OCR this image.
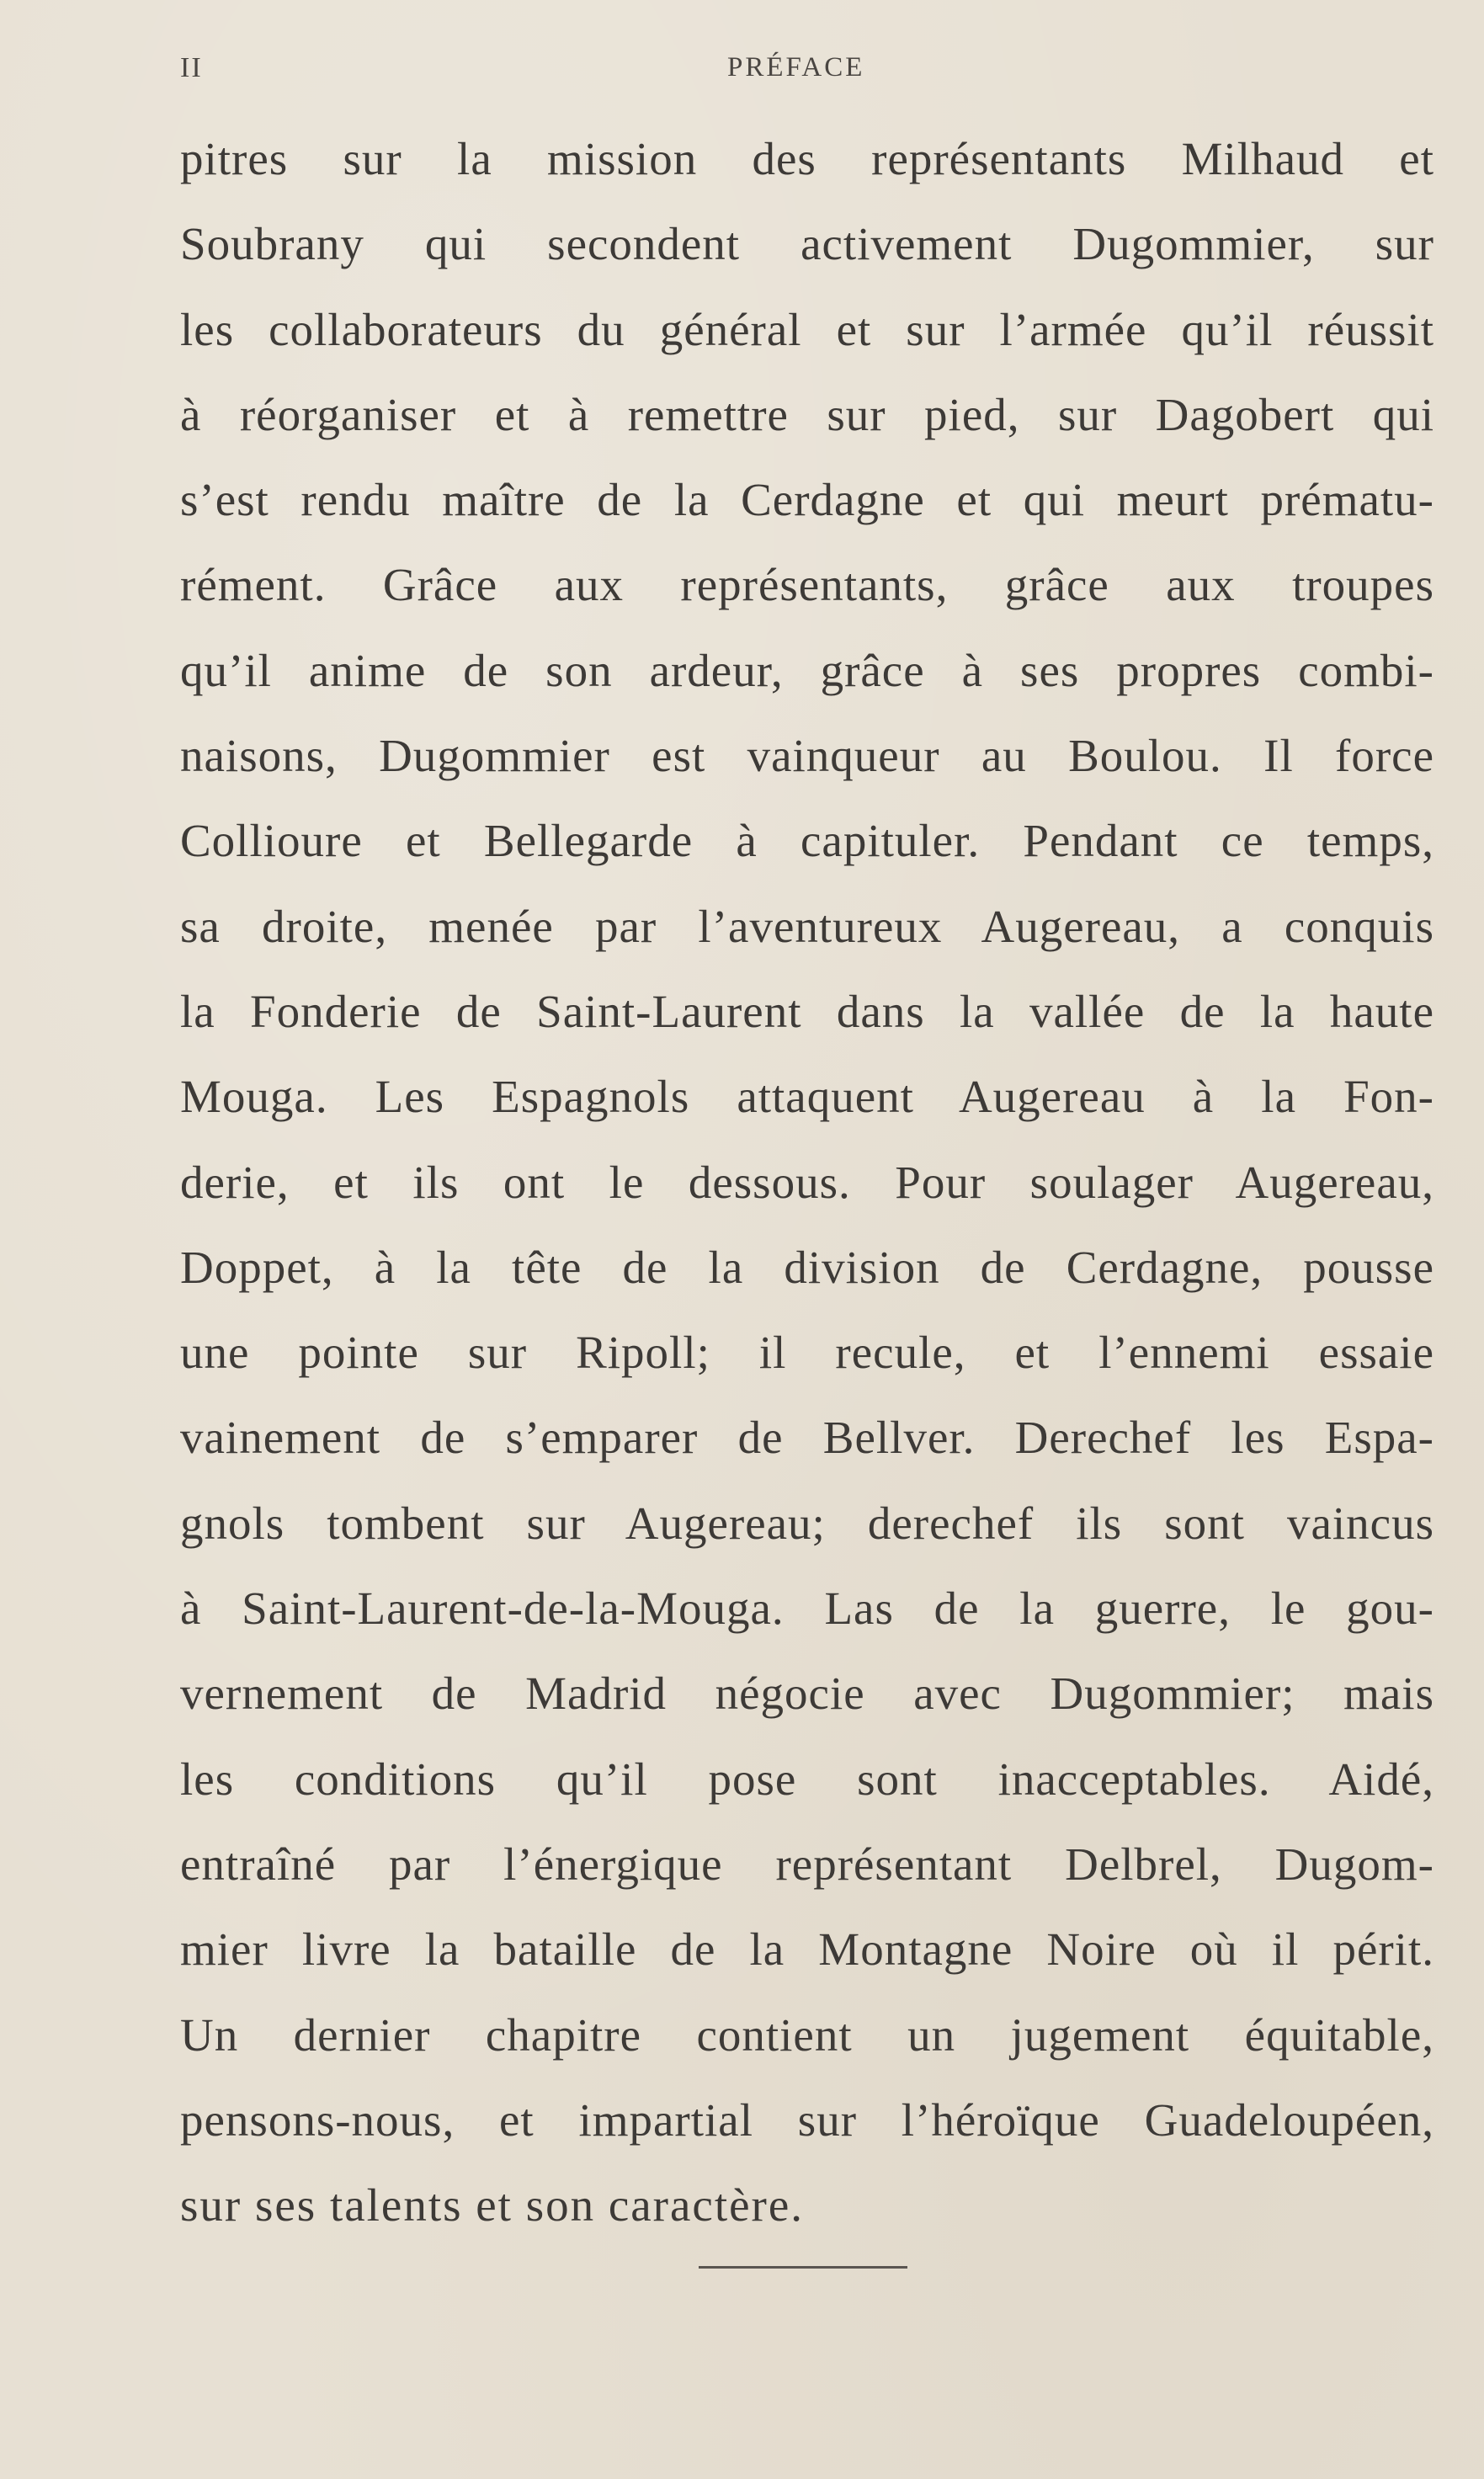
II	PRÉFACE
pitres sur la mission des représentants Milhaud et
Soubrany qui secondent activement Dugommier, sur
les collaborateurs du général et sur l’armée qu’il réussit
à réorganiser et à remettre sur pied, sur Dagobert qui
s’est rendu maître de la Cerdagne et qui meurt prématu-
rément. Grâce aux représentants, grâce aux troupes
qu’il anime de son ardeur, grâce à ses propres combi-
naisons, Dugommier est vainqueur au Boulou. Il force
Collioure et Bellegarde à capituler. Pendant ce temps,
sa droite, menée par l’aventureux Augereau, a conquis
la Fonderie de Saint-Laurent dans la vallée de la haute
Mouga. Les Espagnols attaquent Augereau à la Fon-
derie, et ils ont le dessous. Pour soulager Augereau,
Doppet, à la tête de la division de Cerdagne, pousse
une pointe sur Ripoll; il recule, et l’ennemi essaie
vainement de s’emparer de Bellver. Derechef les Espa-
gnols tombent sur Augereau; derechef ils sont vaincus
à Saint-Laurent-de-la-Mouga. Las de la guerre, le gou-
vernement de Madrid négocie avec Dugommier; mais
les conditions qu’il pose sont inacceptables. Aidé,
entraîné par l’énergique représentant Delbrel, Dugom-
mier livre la bataille de la Montagne Noire où il périt.
Un dernier chapitre contient un jugement équitable,
pensons-nous, et impartial sur l’héroïque Guadeloupéen,
sur ses talents et son caractère.
